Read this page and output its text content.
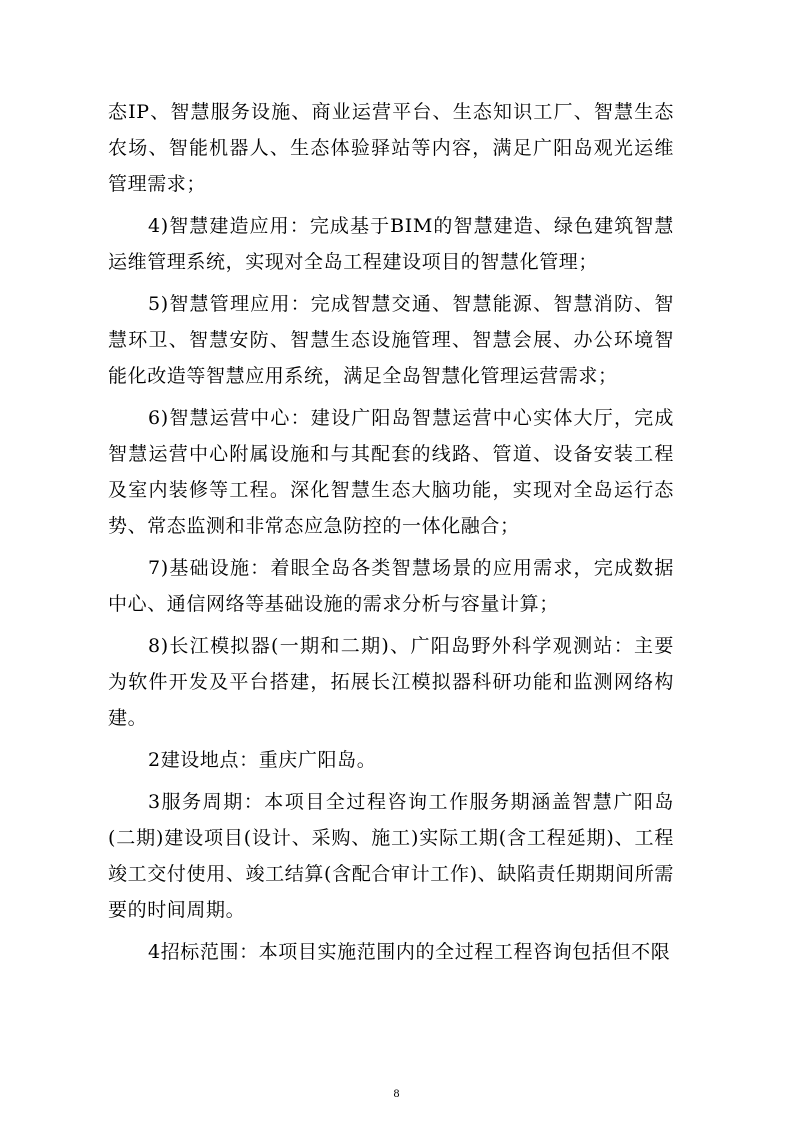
态IP、智慧服务设施、商业运营平台、生态知识工厂、智慧生态农场、智能机器人、生态体验驿站等内容，满足广阳岛观光运维管理需求；

4)智慧建造应用：完成基于BIM的智慧建造、绿色建筑智慧运维管理系统，实现对全岛工程建设项目的智慧化管理；

5)智慧管理应用：完成智慧交通、智慧能源、智慧消防、智慧环卫、智慧安防、智慧生态设施管理、智慧会展、办公环境智能化改造等智慧应用系统，满足全岛智慧化管理运营需求；

6)智慧运营中心：建设广阳岛智慧运营中心实体大厅，完成智慧运营中心附属设施和与其配套的线路、管道、设备安装工程及室内装修等工程。深化智慧生态大脑功能，实现对全岛运行态势、常态监测和非常态应急防控的一体化融合；

7)基础设施：着眼全岛各类智慧场景的应用需求，完成数据中心、通信网络等基础设施的需求分析与容量计算；

8)长江模拟器(一期和二期)、广阳岛野外科学观测站：主要为软件开发及平台搭建，拓展长江模拟器科研功能和监测网络构建。

2建设地点：重庆广阳岛。

3服务周期：本项目全过程咨询工作服务期涵盖智慧广阳岛(二期)建设项目(设计、采购、施工)实际工期(含工程延期)、工程竣工交付使用、竣工结算(含配合审计工作)、缺陷责任期期间所需要的时间周期。

4招标范围：本项目实施范围内的全过程工程咨询包括但不限

8
